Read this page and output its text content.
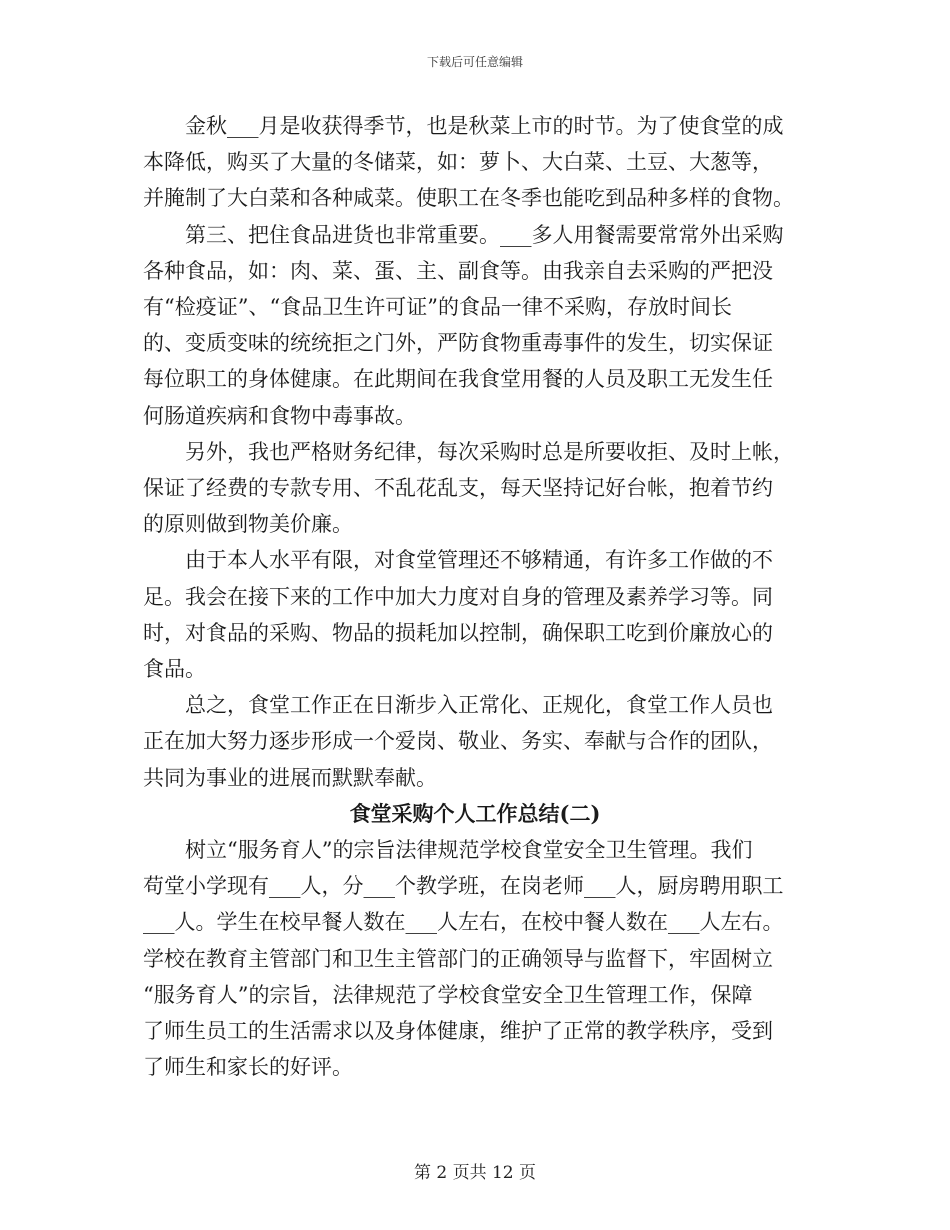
下载后可任意编辑

金秋___月是收获得季节，也是秋菜上市的时节。为了使食堂的成
本降低，购买了大量的冬储菜，如：萝卜、大白菜、土豆、大葱等，
并腌制了大白菜和各种咸菜。使职工在冬季也能吃到品种多样的食物。

第三、把住食品进货也非常重要。___多人用餐需要常常外出采购
各种食品，如：肉、菜、蛋、主、副食等。由我亲自去采购的严把没
有“检疫证”、“食品卫生许可证”的食品一律不采购，存放时间长
的、变质变味的统统拒之门外，严防食物重毒事件的发生，切实保证
每位职工的身体健康。在此期间在我食堂用餐的人员及职工无发生任
何肠道疾病和食物中毒事故。

另外，我也严格财务纪律，每次采购时总是所要收拒、及时上帐，
保证了经费的专款专用、不乱花乱支，每天坚持记好台帐，抱着节约
的原则做到物美价廉。

由于本人水平有限，对食堂管理还不够精通，有许多工作做的不
足。我会在接下来的工作中加大力度对自身的管理及素养学习等。同
时，对食品的采购、物品的损耗加以控制，确保职工吃到价廉放心的
食品。

总之，食堂工作正在日渐步入正常化、正规化，食堂工作人员也
正在加大努力逐步形成一个爱岗、敬业、务实、奉献与合作的团队，
共同为事业的进展而默默奉献。

食堂采购个人工作总结(二)

树立“服务育人”的宗旨法律规范学校食堂安全卫生管理。我们
苟堂小学现有___人，分___个教学班，在岗老师___人，厨房聘用职工
___人。学生在校早餐人数在___人左右，在校中餐人数在___人左右。
学校在教育主管部门和卫生主管部门的正确领导与监督下，牢固树立
“服务育人”的宗旨，法律规范了学校食堂安全卫生管理工作，保障
了师生员工的生活需求以及身体健康，维护了正常的教学秩序，受到
了师生和家长的好评。

第 2 页共 12 页
